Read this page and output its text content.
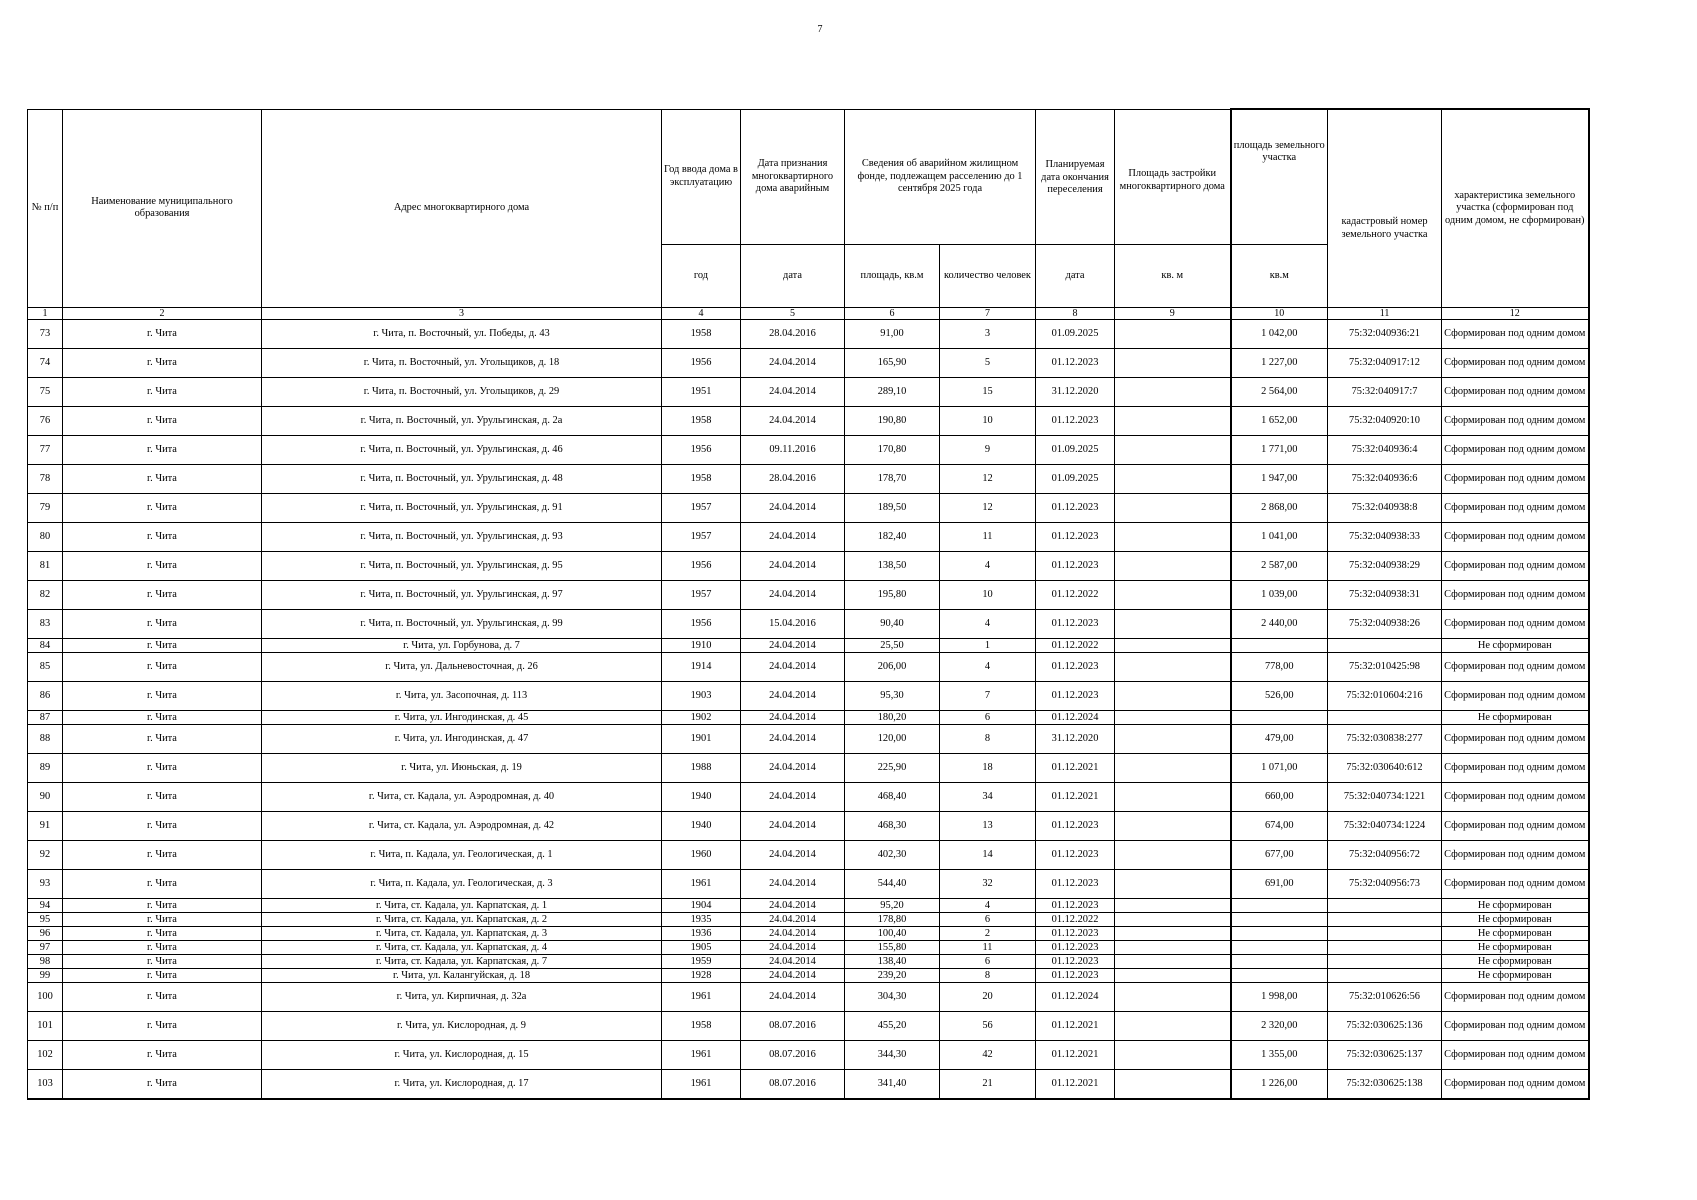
7
№ п/п	Наименование муниципального образования	Адрес многоквартирного дома	Год ввода дома в эксплуатацию	Дата признания многоквартирного дома аварийным	Сведения об аварийном жилищном фонде, подлежащем расселению до 1 сентября 2025 года		Планируемая дата окончания переселения	Площадь застройки многоквартирного дома	площадь земельного участка	кадастровый номер земельного участка	характеристика земельного участка (сформирован под одним домом, не сформирован)
			год	дата	площадь, кв.м	количество человек	дата	кв. м	кв.м		
1	2	3	4	5	6	7	8	9	10	11	12
73	г. Чита	г. Чита, п. Восточный, ул. Победы, д. 43	1958	28.04.2016	91,00	3	01.09.2025		1 042,00	75:32:040936:21	Сформирован под одним домом
74	г. Чита	г. Чита, п. Восточный, ул. Угольщиков, д. 18	1956	24.04.2014	165,90	5	01.12.2023		1 227,00	75:32:040917:12	Сформирован под одним домом
75	г. Чита	г. Чита, п. Восточный, ул. Угольщиков, д. 29	1951	24.04.2014	289,10	15	31.12.2020		2 564,00	75:32:040917:7	Сформирован под одним домом
76	г. Чита	г. Чита, п. Восточный, ул. Урульгинская, д. 2а	1958	24.04.2014	190,80	10	01.12.2023		1 652,00	75:32:040920:10	Сформирован под одним домом
77	г. Чита	г. Чита, п. Восточный, ул. Урульгинская, д. 46	1956	09.11.2016	170,80	9	01.09.2025		1 771,00	75:32:040936:4	Сформирован под одним домом
78	г. Чита	г. Чита, п. Восточный, ул. Урульгинская, д. 48	1958	28.04.2016	178,70	12	01.09.2025		1 947,00	75:32:040936:6	Сформирован под одним домом
79	г. Чита	г. Чита, п. Восточный, ул. Урульгинская, д. 91	1957	24.04.2014	189,50	12	01.12.2023		2 868,00	75:32:040938:8	Сформирован под одним домом
80	г. Чита	г. Чита, п. Восточный, ул. Урульгинская, д. 93	1957	24.04.2014	182,40	11	01.12.2023		1 041,00	75:32:040938:33	Сформирован под одним домом
81	г. Чита	г. Чита, п. Восточный, ул. Урульгинская, д. 95	1956	24.04.2014	138,50	4	01.12.2023		2 587,00	75:32:040938:29	Сформирован под одним домом
82	г. Чита	г. Чита, п. Восточный, ул. Урульгинская, д. 97	1957	24.04.2014	195,80	10	01.12.2022		1 039,00	75:32:040938:31	Сформирован под одним домом
83	г. Чита	г. Чита, п. Восточный, ул. Урульгинская, д. 99	1956	15.04.2016	90,40	4	01.12.2023		2 440,00	75:32:040938:26	Сформирован под одним домом
84	г. Чита	г. Чита, ул. Горбунова, д. 7	1910	24.04.2014	25,50	1	01.12.2022				Не сформирован
85	г. Чита	г. Чита, ул. Дальневосточная, д. 26	1914	24.04.2014	206,00	4	01.12.2023		778,00	75:32:010425:98	Сформирован под одним домом
86	г. Чита	г. Чита, ул. Засопочная, д. 113	1903	24.04.2014	95,30	7	01.12.2023		526,00	75:32:010604:216	Сформирован под одним домом
87	г. Чита	г. Чита, ул. Ингодинская, д. 45	1902	24.04.2014	180,20	6	01.12.2024				Не сформирован
88	г. Чита	г. Чита, ул. Ингодинская, д. 47	1901	24.04.2014	120,00	8	31.12.2020		479,00	75:32:030838:277	Сформирован под одним домом
89	г. Чита	г. Чита, ул. Июньская, д. 19	1988	24.04.2014	225,90	18	01.12.2021		1 071,00	75:32:030640:612	Сформирован под одним домом
90	г. Чита	г. Чита, ст. Кадала, ул. Аэродромная, д. 40	1940	24.04.2014	468,40	34	01.12.2021		660,00	75:32:040734:1221	Сформирован под одним домом
91	г. Чита	г. Чита, ст. Кадала, ул. Аэродромная, д. 42	1940	24.04.2014	468,30	13	01.12.2023		674,00	75:32:040734:1224	Сформирован под одним домом
92	г. Чита	г. Чита, п. Кадала, ул. Геологическая, д. 1	1960	24.04.2014	402,30	14	01.12.2023		677,00	75:32:040956:72	Сформирован под одним домом
93	г. Чита	г. Чита, п. Кадала, ул. Геологическая, д. 3	1961	24.04.2014	544,40	32	01.12.2023		691,00	75:32:040956:73	Сформирован под одним домом
94	г. Чита	г. Чита, ст. Кадала, ул. Карпатская, д. 1	1904	24.04.2014	95,20	4	01.12.2023				Не сформирован
95	г. Чита	г. Чита, ст. Кадала, ул. Карпатская, д. 2	1935	24.04.2014	178,80	6	01.12.2022				Не сформирован
96	г. Чита	г. Чита, ст. Кадала, ул. Карпатская, д. 3	1936	24.04.2014	100,40	2	01.12.2023				Не сформирован
97	г. Чита	г. Чита, ст. Кадала, ул. Карпатская, д. 4	1905	24.04.2014	155,80	11	01.12.2023				Не сформирован
98	г. Чита	г. Чита, ст. Кадала, ул. Карпатская, д. 7	1959	24.04.2014	138,40	6	01.12.2023				Не сформирован
99	г. Чита	г. Чита, ул. Калангуйская, д. 18	1928	24.04.2014	239,20	8	01.12.2023				Не сформирован
100	г. Чита	г. Чита, ул. Кирпичная, д. 32а	1961	24.04.2014	304,30	20	01.12.2024		1 998,00	75:32:010626:56	Сформирован под одним домом
101	г. Чита	г. Чита, ул. Кислородная, д. 9	1958	08.07.2016	455,20	56	01.12.2021		2 320,00	75:32:030625:136	Сформирован под одним домом
102	г. Чита	г. Чита, ул. Кислородная, д. 15	1961	08.07.2016	344,30	42	01.12.2021		1 355,00	75:32:030625:137	Сформирован под одним домом
103	г. Чита	г. Чита, ул. Кислородная, д. 17	1961	08.07.2016	341,40	21	01.12.2021		1 226,00	75:32:030625:138	Сформирован под одним домом
